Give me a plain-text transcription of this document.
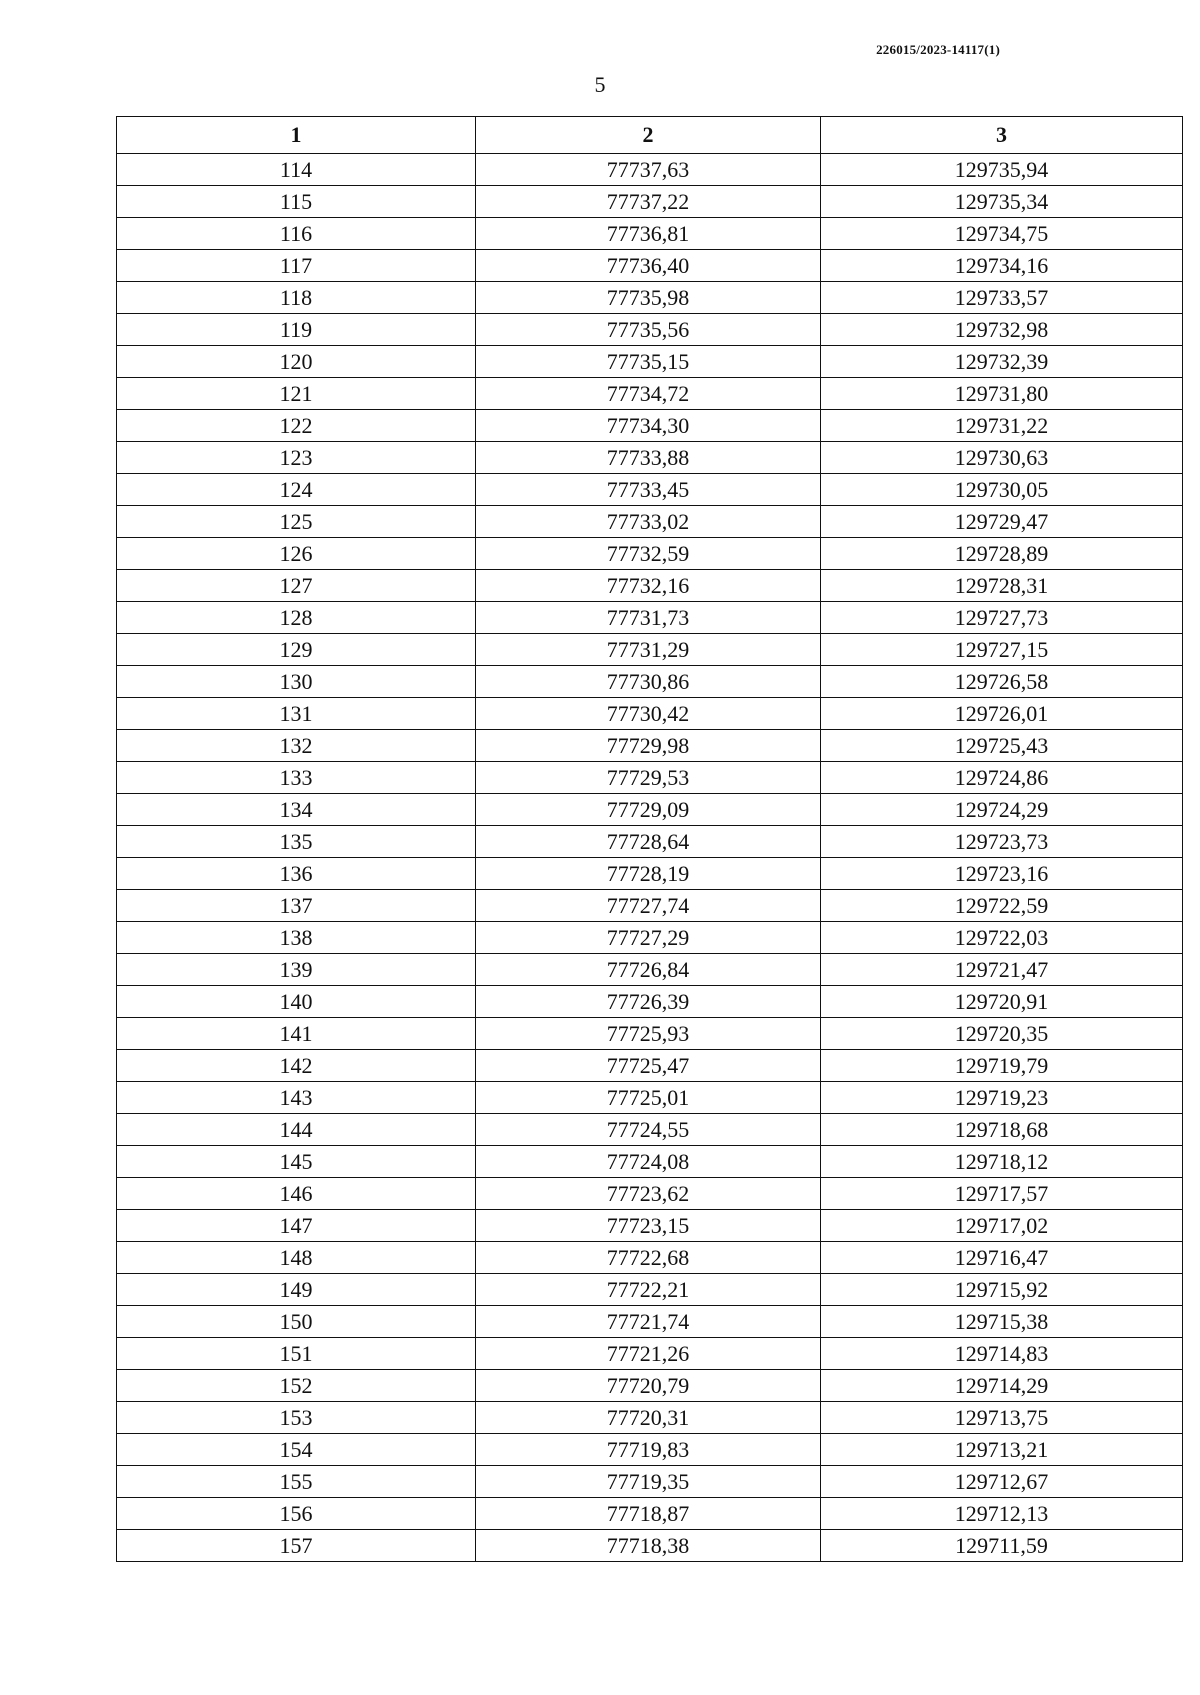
226015/2023-14117(1)
5
1	2	3
114	77737,63	129735,94
115	77737,22	129735,34
116	77736,81	129734,75
117	77736,40	129734,16
118	77735,98	129733,57
119	77735,56	129732,98
120	77735,15	129732,39
121	77734,72	129731,80
122	77734,30	129731,22
123	77733,88	129730,63
124	77733,45	129730,05
125	77733,02	129729,47
126	77732,59	129728,89
127	77732,16	129728,31
128	77731,73	129727,73
129	77731,29	129727,15
130	77730,86	129726,58
131	77730,42	129726,01
132	77729,98	129725,43
133	77729,53	129724,86
134	77729,09	129724,29
135	77728,64	129723,73
136	77728,19	129723,16
137	77727,74	129722,59
138	77727,29	129722,03
139	77726,84	129721,47
140	77726,39	129720,91
141	77725,93	129720,35
142	77725,47	129719,79
143	77725,01	129719,23
144	77724,55	129718,68
145	77724,08	129718,12
146	77723,62	129717,57
147	77723,15	129717,02
148	77722,68	129716,47
149	77722,21	129715,92
150	77721,74	129715,38
151	77721,26	129714,83
152	77720,79	129714,29
153	77720,31	129713,75
154	77719,83	129713,21
155	77719,35	129712,67
156	77718,87	129712,13
157	77718,38	129711,59
